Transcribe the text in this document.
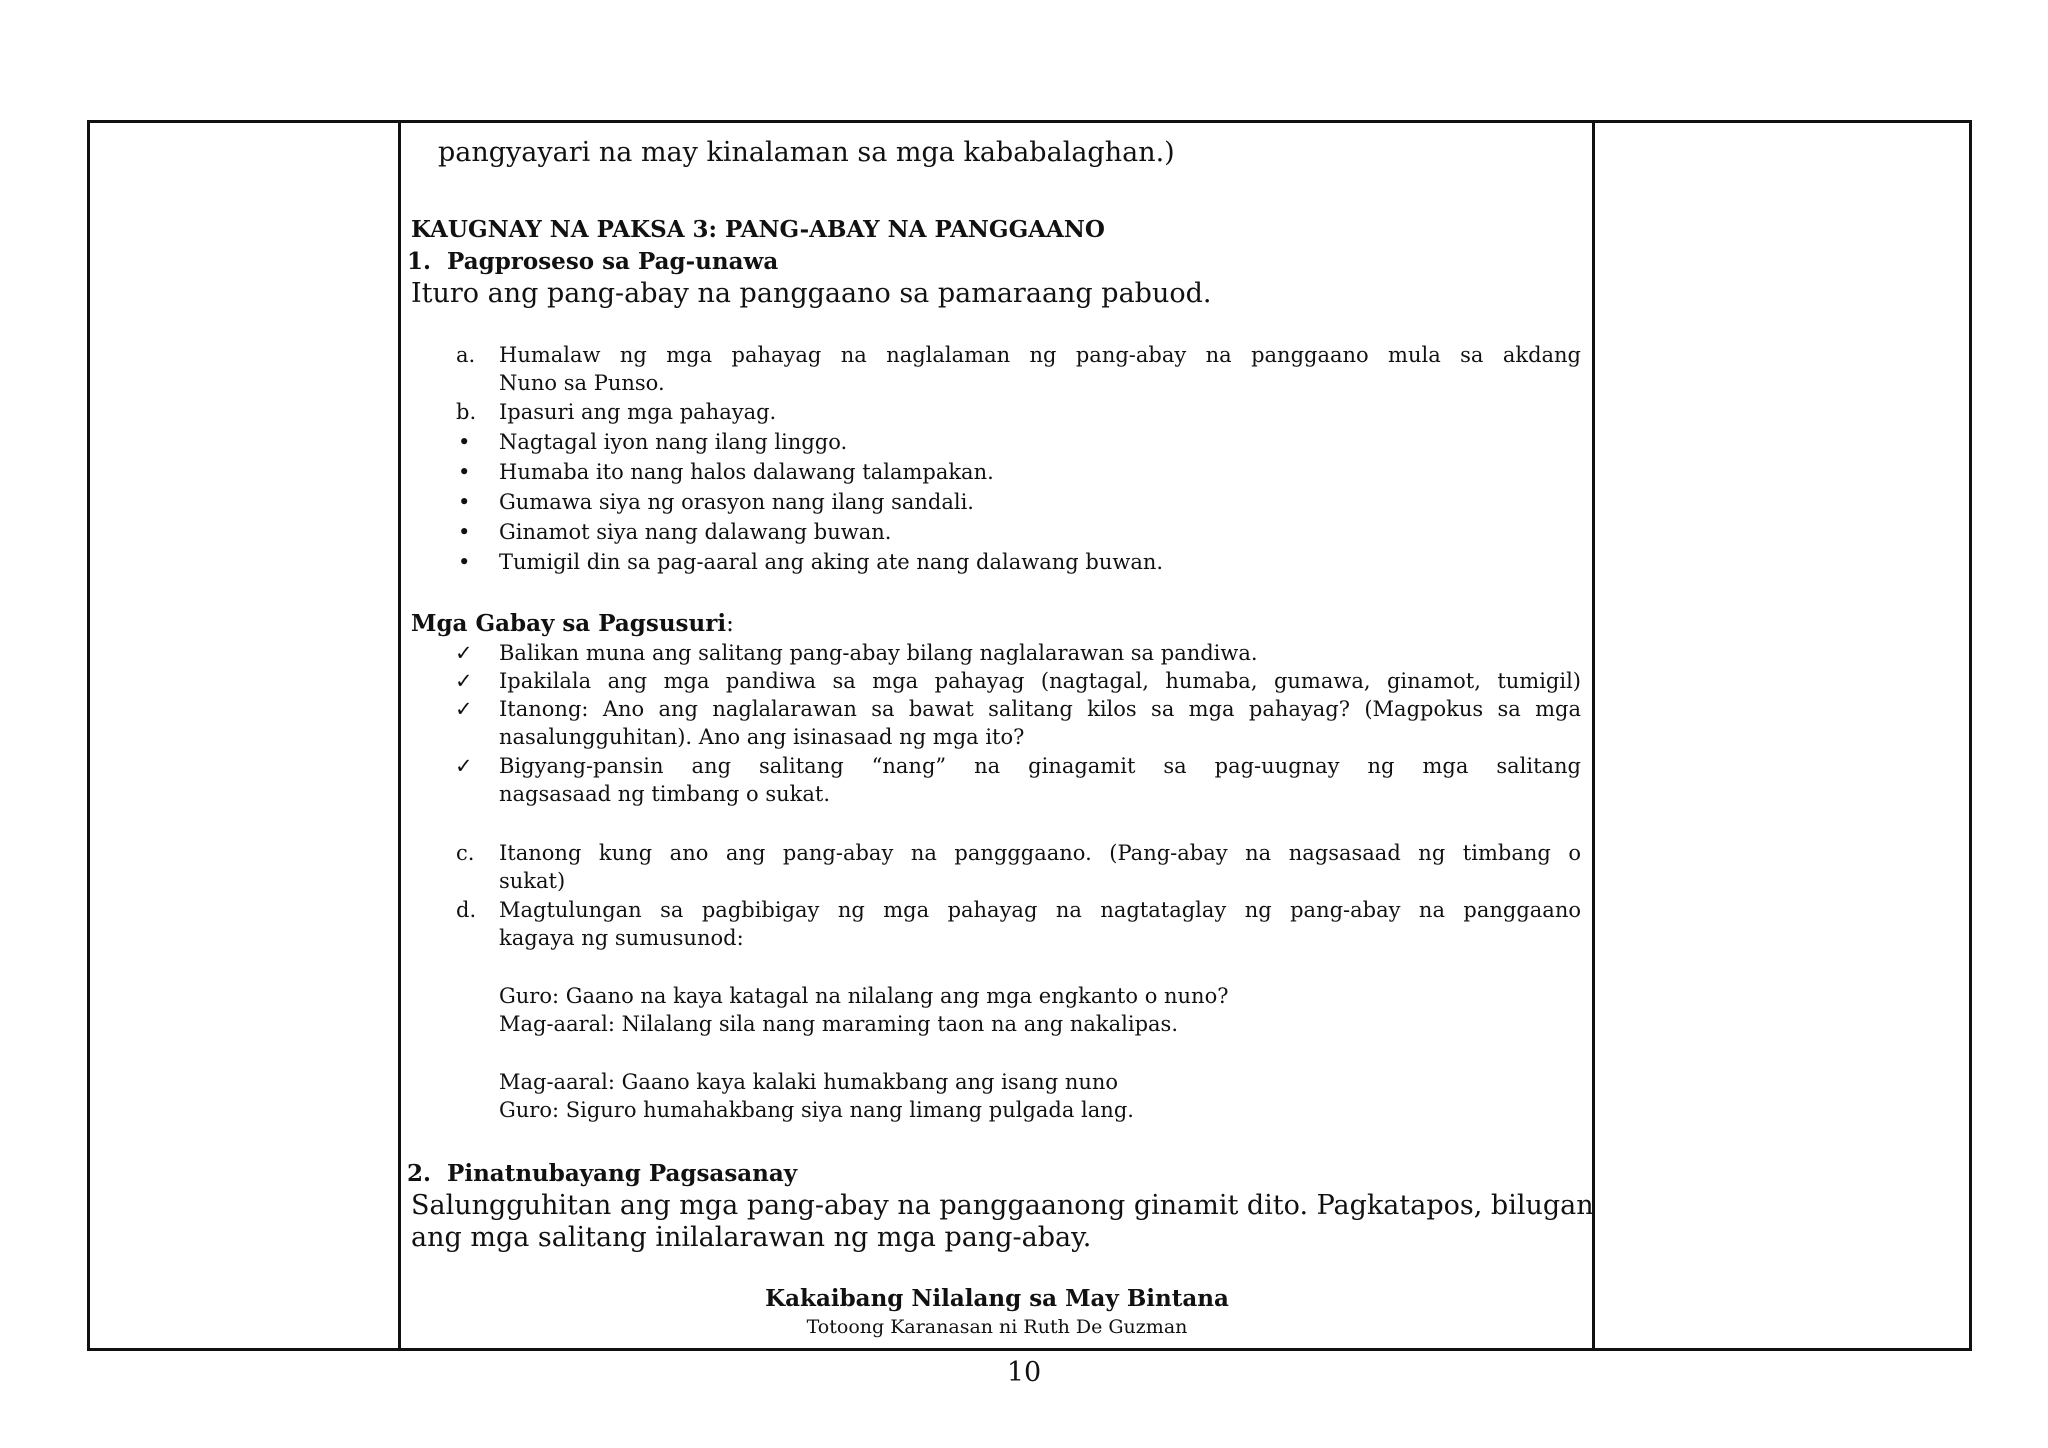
pangyayari na may kinalaman sa mga kababalaghan.)
KAUGNAY NA PAKSA 3: PANG-ABAY NA PANGGAANO
1. Pagproseso sa Pag-unawa
Ituro ang pang-abay na panggaano sa pamaraang pabuod.
a. Humalaw ng mga pahayag na naglalaman ng pang-abay na panggaano mula sa akdang
Nuno sa Punso.
b. Ipasuri ang mga pahayag.
• Nagtagal iyon nang ilang linggo.
• Humaba ito nang halos dalawang talampakan.
• Gumawa siya ng orasyon nang ilang sandali.
• Ginamot siya nang dalawang buwan.
• Tumigil din sa pag-aaral ang aking ate nang dalawang buwan.
Mga Gabay sa Pagsusuri:
✓ Balikan muna ang salitang pang-abay bilang naglalarawan sa pandiwa.
✓ Ipakilala ang mga pandiwa sa mga pahayag (nagtagal, humaba, gumawa, ginamot, tumigil)
✓ Itanong: Ano ang naglalarawan sa bawat salitang kilos sa mga pahayag? (Magpokus sa mga
nasalungguhitan). Ano ang isinasaad ng mga ito?
✓ Bigyang-pansin ang salitang “nang” na ginagamit sa pag-uugnay ng mga salitang
nagsasaad ng timbang o sukat.
c. Itanong kung ano ang pang-abay na pangggaano. (Pang-abay na nagsasaad ng timbang o
sukat)
d. Magtulungan sa pagbibigay ng mga pahayag na nagtataglay ng pang-abay na panggaano
kagaya ng sumusunod:
Guro: Gaano na kaya katagal na nilalang ang mga engkanto o nuno?
Mag-aaral: Nilalang sila nang maraming taon na ang nakalipas.
Mag-aaral: Gaano kaya kalaki humakbang ang isang nuno
Guro: Siguro humahakbang siya nang limang pulgada lang.
2. Pinatnubayang Pagsasanay
Salungguhitan ang mga pang-abay na panggaanong ginamit dito. Pagkatapos, bilugan
ang mga salitang inilalarawan ng mga pang-abay.
Kakaibang Nilalang sa May Bintana
Totoong Karanasan ni Ruth De Guzman
10
